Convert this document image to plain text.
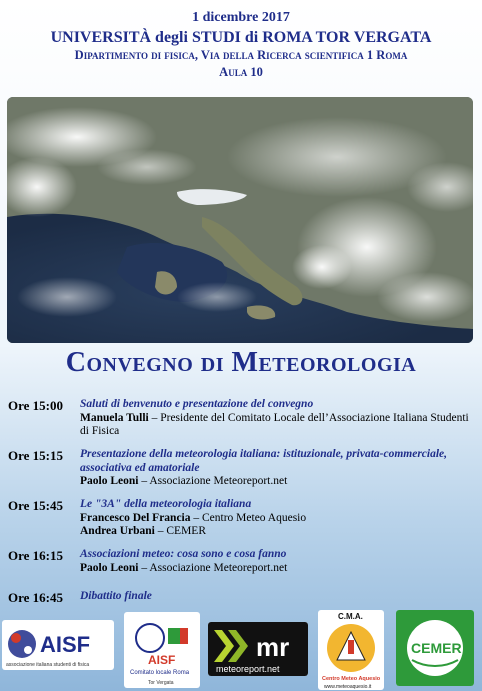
1 dicembre 2017
UNIVERSITÀ degli STUDI di ROMA TOR VERGATA
Dipartimento di fisica, Via della Ricerca scientifica 1 Roma
Aula 10
Convegno di Meteorologia
Ore 15:00 Saluti di benvenuto e presentazione del convegno
Manuela Tulli – Presidente del Comitato Locale dell’Associazione Italiana Studenti di Fisica
Ore 15:15 Presentazione della meteorologia italiana: istituzionale, privata-commerciale, associativa ed amatoriale
Paolo Leoni – Associazione Meteoreport.net
Ore 15:45 Le "3A" della meteorologia italiana
Francesco Del Francia – Centro Meteo Aquesio
Andrea Urbani – CEMER
Ore 16:15 Associazioni meteo: cosa sono e cosa fanno
Paolo Leoni – Associazione Meteoreport.net
Ore 16:45 Dibattito finale
AISF
associazione italiana studenti di fisica	AISF
Comitato locale Roma
Tor Vergata
mr
meteoreport.net
C.M.A.
Centro Meteo Aquesio
www.meteoaquesio.it
CEMER
